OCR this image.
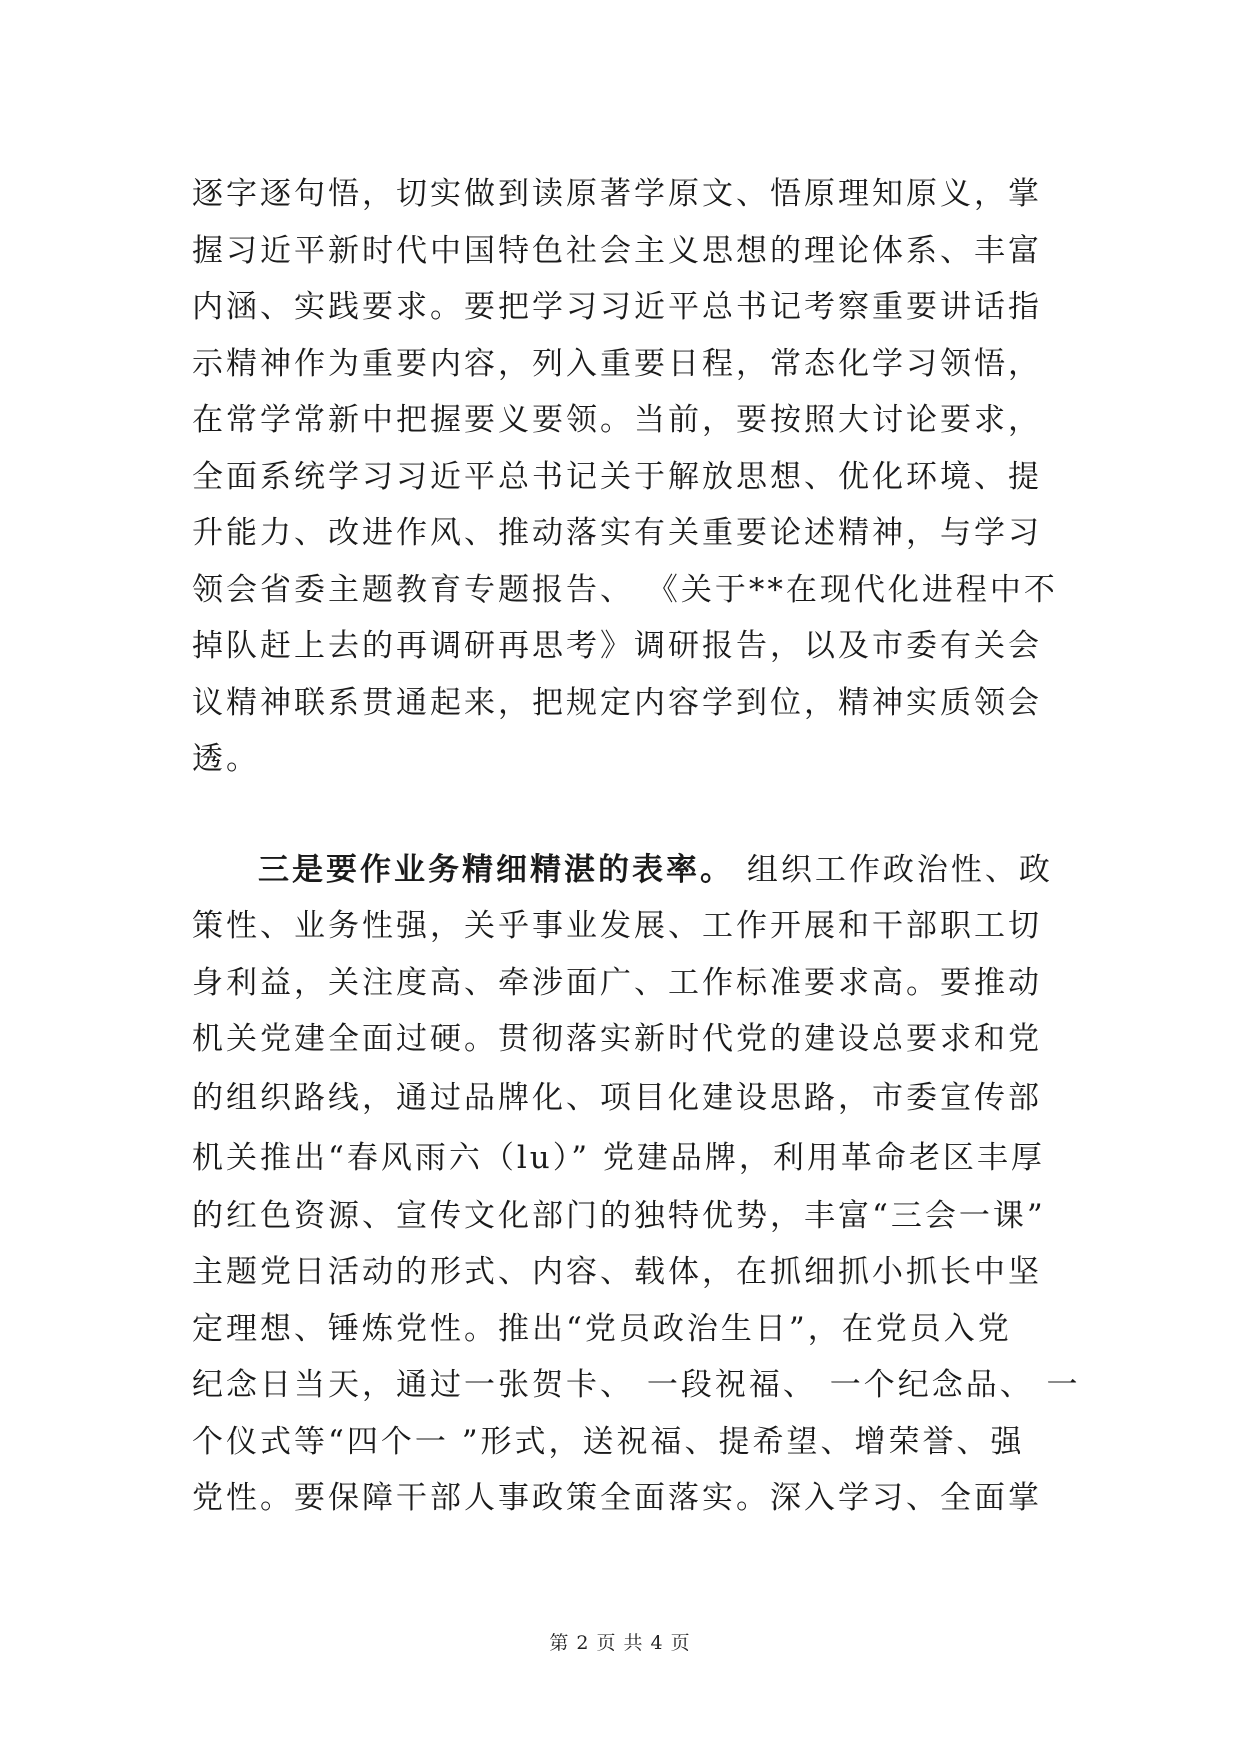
逐字逐句悟，切实做到读原著学原文、悟原理知原义，掌
握习近平新时代中国特色社会主义思想的理论体系、丰富
内涵、实践要求。要把学习习近平总书记考察重要讲话指
示精神作为重要内容，列入重要日程，常态化学习领悟，
在常学常新中把握要义要领。当前，要按照大讨论要求，
全面系统学习习近平总书记关于解放思想、优化环境、提
升能力、改进作风、推动落实有关重要论述精神，与学习
领会省委主题教育专题报告、 《关于**在现代化进程中不
掉队赶上去的再调研再思考》调研报告，以及市委有关会
议精神联系贯通起来，把规定内容学到位，精神实质领会
透。
三是要作业务精细精湛的表率。 组织工作政治性、政
策性、业务性强，关乎事业发展、工作开展和干部职工切
身利益，关注度高、牵涉面广、工作标准要求高。要推动
机关党建全面过硬。贯彻落实新时代党的建设总要求和党
的组织路线，通过品牌化、项目化建设思路，市委宣传部
机关推出“春风雨六（lu）” 党建品牌，利用革命老区丰厚
的红色资源、宣传文化部门的独特优势，丰富“三会一课”
主题党日活动的形式、内容、载体，在抓细抓小抓长中坚
定理想、锤炼党性。推出“党员政治生日”，在党员入党
纪念日当天，通过一张贺卡、 一段祝福、 一个纪念品、 一
个仪式等“四个一 ”形式，送祝福、提希望、增荣誉、强
党性。要保障干部人事政策全面落实。深入学习、全面掌
第 2 页 共 4 页
